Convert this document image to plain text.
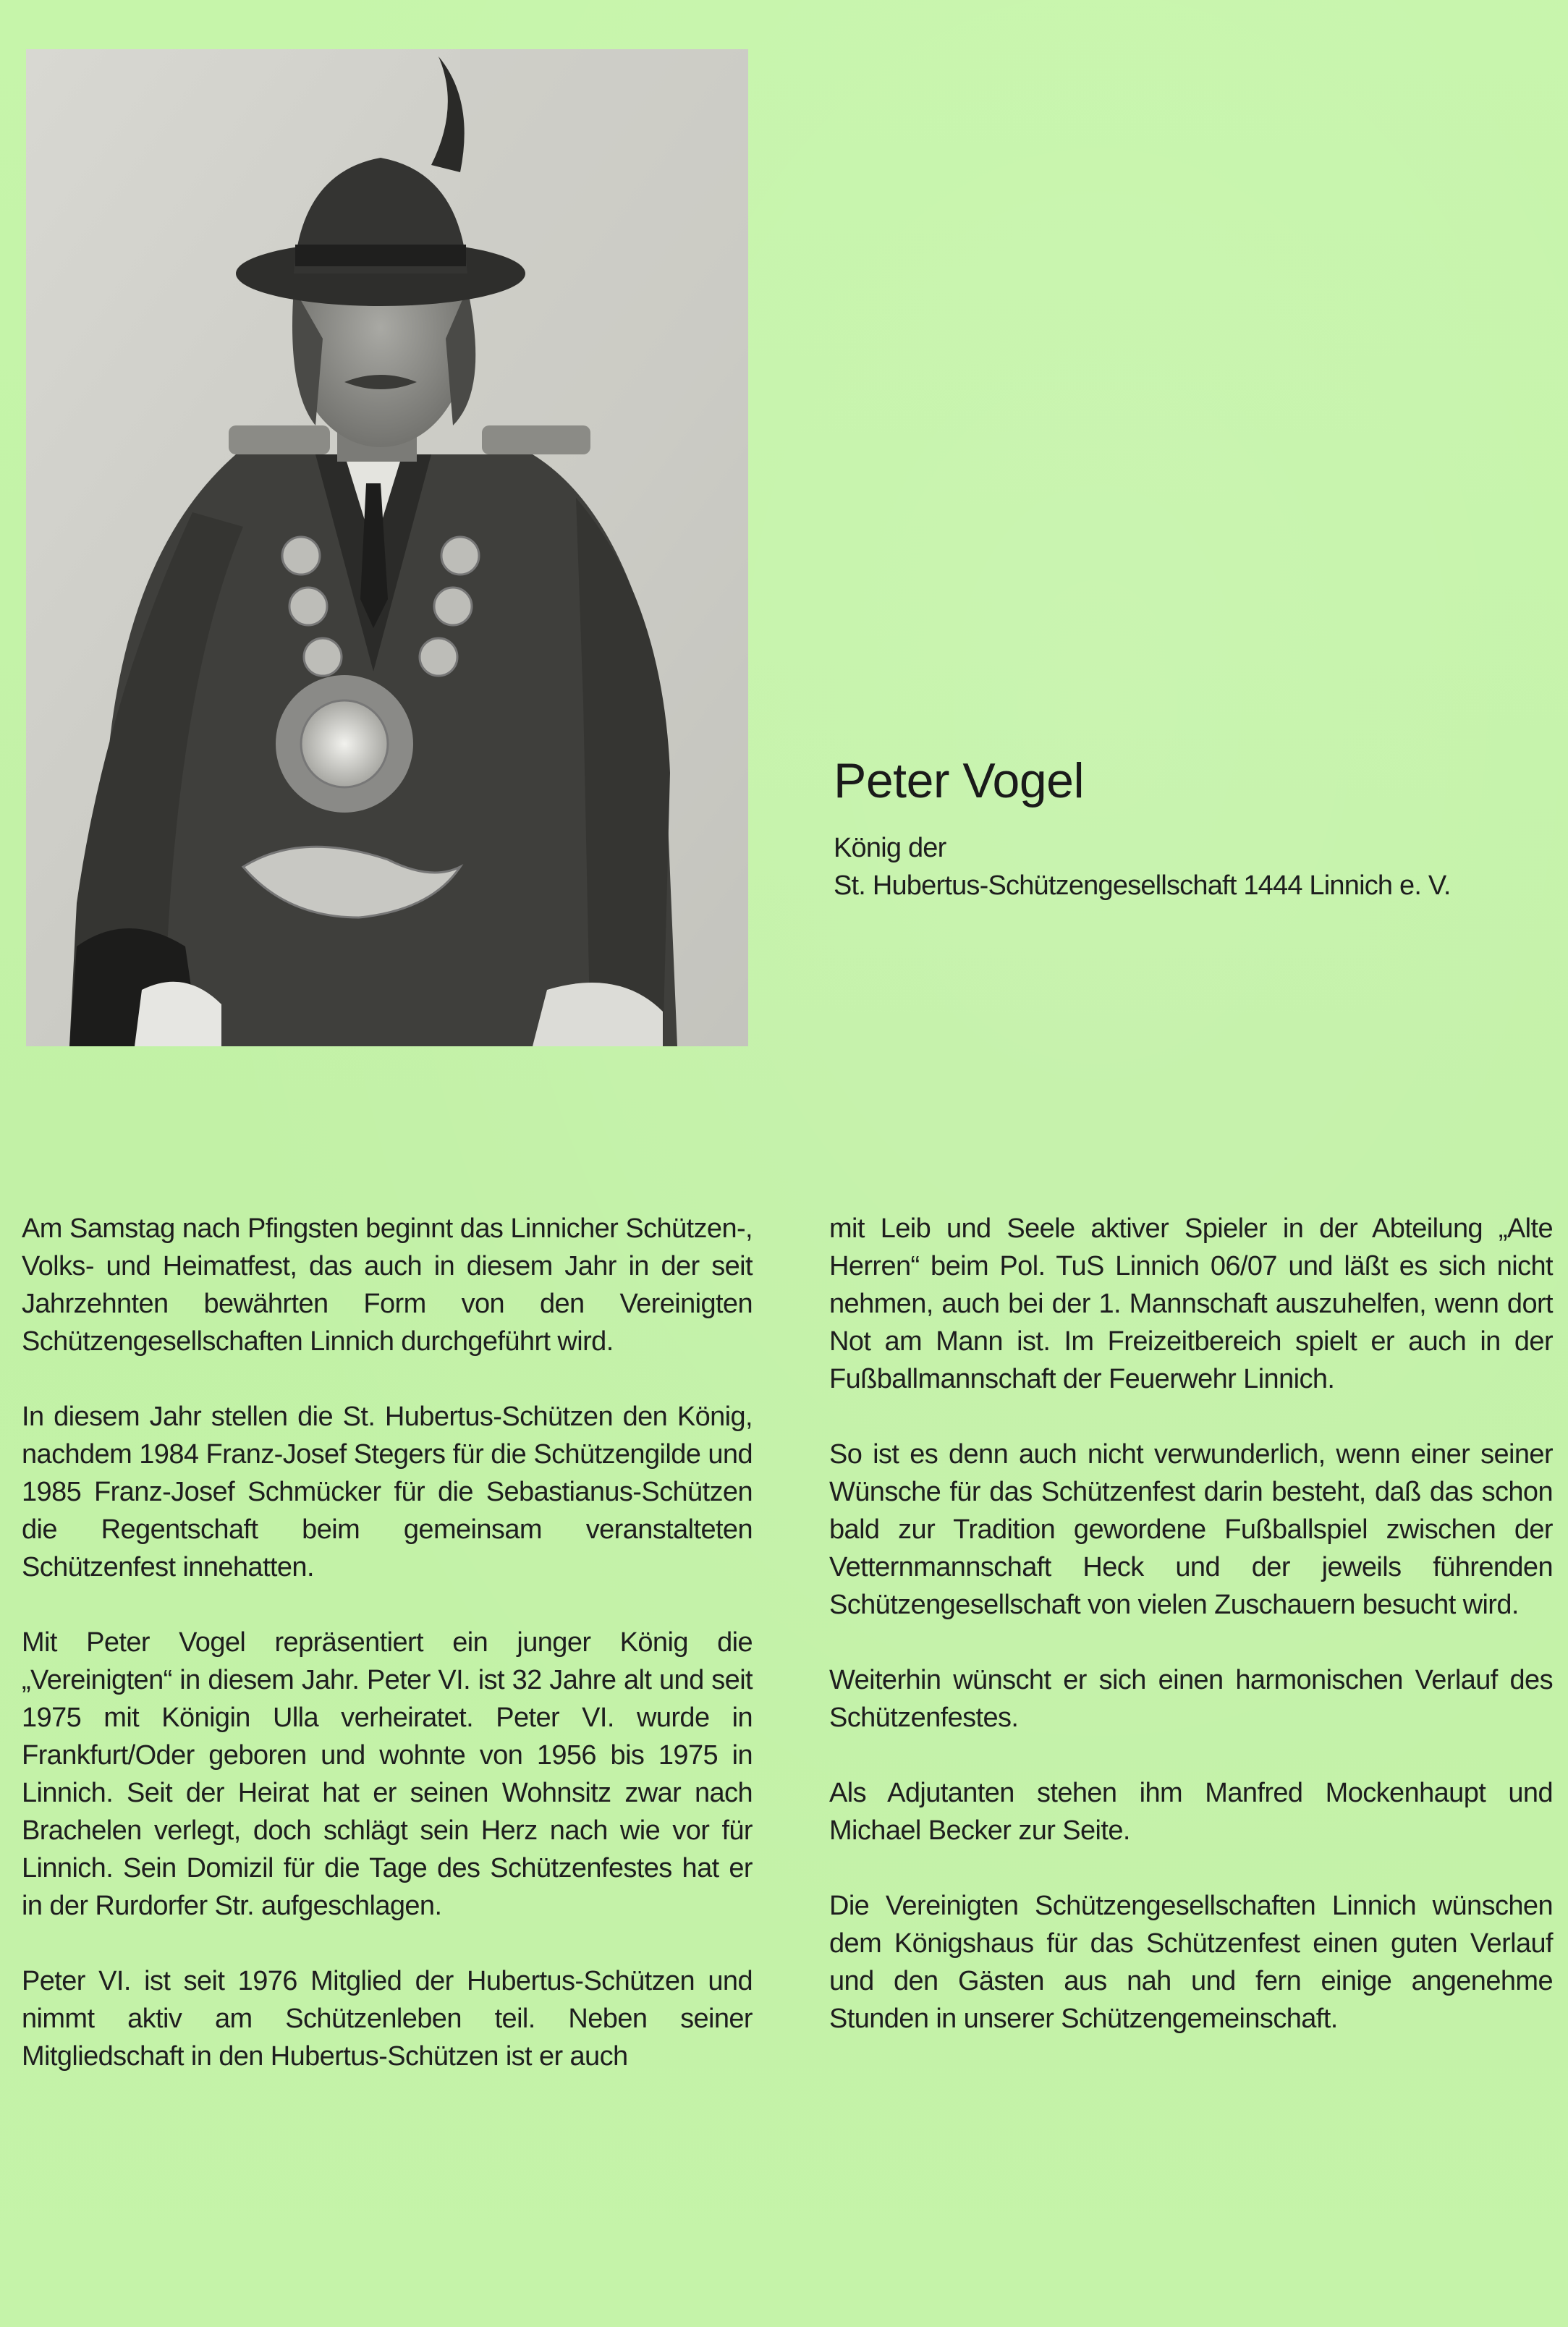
Peter Vogel

König der

St. Hubertus-Schützengesellschaft 1444 Linnich e. V.

Am Samstag nach Pfingsten beginnt das Linnicher Schützen-, Volks- und Heimatfest, das auch in diesem Jahr in der seit Jahrzehnten bewährten Form von den Vereinigten Schützengesellschaften Linnich durchgeführt wird.

In diesem Jahr stellen die St. Hubertus-Schützen den König, nachdem 1984 Franz-Josef Stegers für die Schützengilde und 1985 Franz-Josef Schmücker für die Sebastianus-Schützen die Regentschaft beim gemeinsam veranstalteten Schützenfest innehatten.

Mit Peter Vogel repräsentiert ein junger König die „Vereinigten“ in diesem Jahr. Peter VI. ist 32 Jahre alt und seit 1975 mit Königin Ulla verheiratet. Peter VI. wurde in Frankfurt/Oder geboren und wohnte von 1956 bis 1975 in Linnich. Seit der Heirat hat er seinen Wohnsitz zwar nach Brachelen verlegt, doch schlägt sein Herz nach wie vor für Linnich. Sein Domizil für die Tage des Schützenfestes hat er in der Rurdorfer Str. aufgeschlagen.

Peter VI. ist seit 1976 Mitglied der Hubertus-Schützen und nimmt aktiv am Schützenleben teil. Neben seiner Mitgliedschaft in den Hubertus-Schützen ist er auch

mit Leib und Seele aktiver Spieler in der Abteilung „Alte Herren“ beim Pol. TuS Linnich 06/07 und läßt es sich nicht nehmen, auch bei der 1. Mannschaft auszuhelfen, wenn dort Not am Mann ist. Im Freizeitbereich spielt er auch in der Fußballmannschaft der Feuerwehr Linnich.

So ist es denn auch nicht verwunderlich, wenn einer seiner Wünsche für das Schützenfest darin besteht, daß das schon bald zur Tradition gewordene Fußballspiel zwischen der Vetternmannschaft Heck und der jeweils führenden Schützengesellschaft von vielen Zuschauern besucht wird.

Weiterhin wünscht er sich einen harmonischen Verlauf des Schützenfestes.

Als Adjutanten stehen ihm Manfred Mockenhaupt und Michael Becker zur Seite.

Die Vereinigten Schützengesellschaften Linnich wünschen dem Königshaus für das Schützenfest einen guten Verlauf und den Gästen aus nah und fern einige angenehme Stunden in unserer Schützengemeinschaft.
